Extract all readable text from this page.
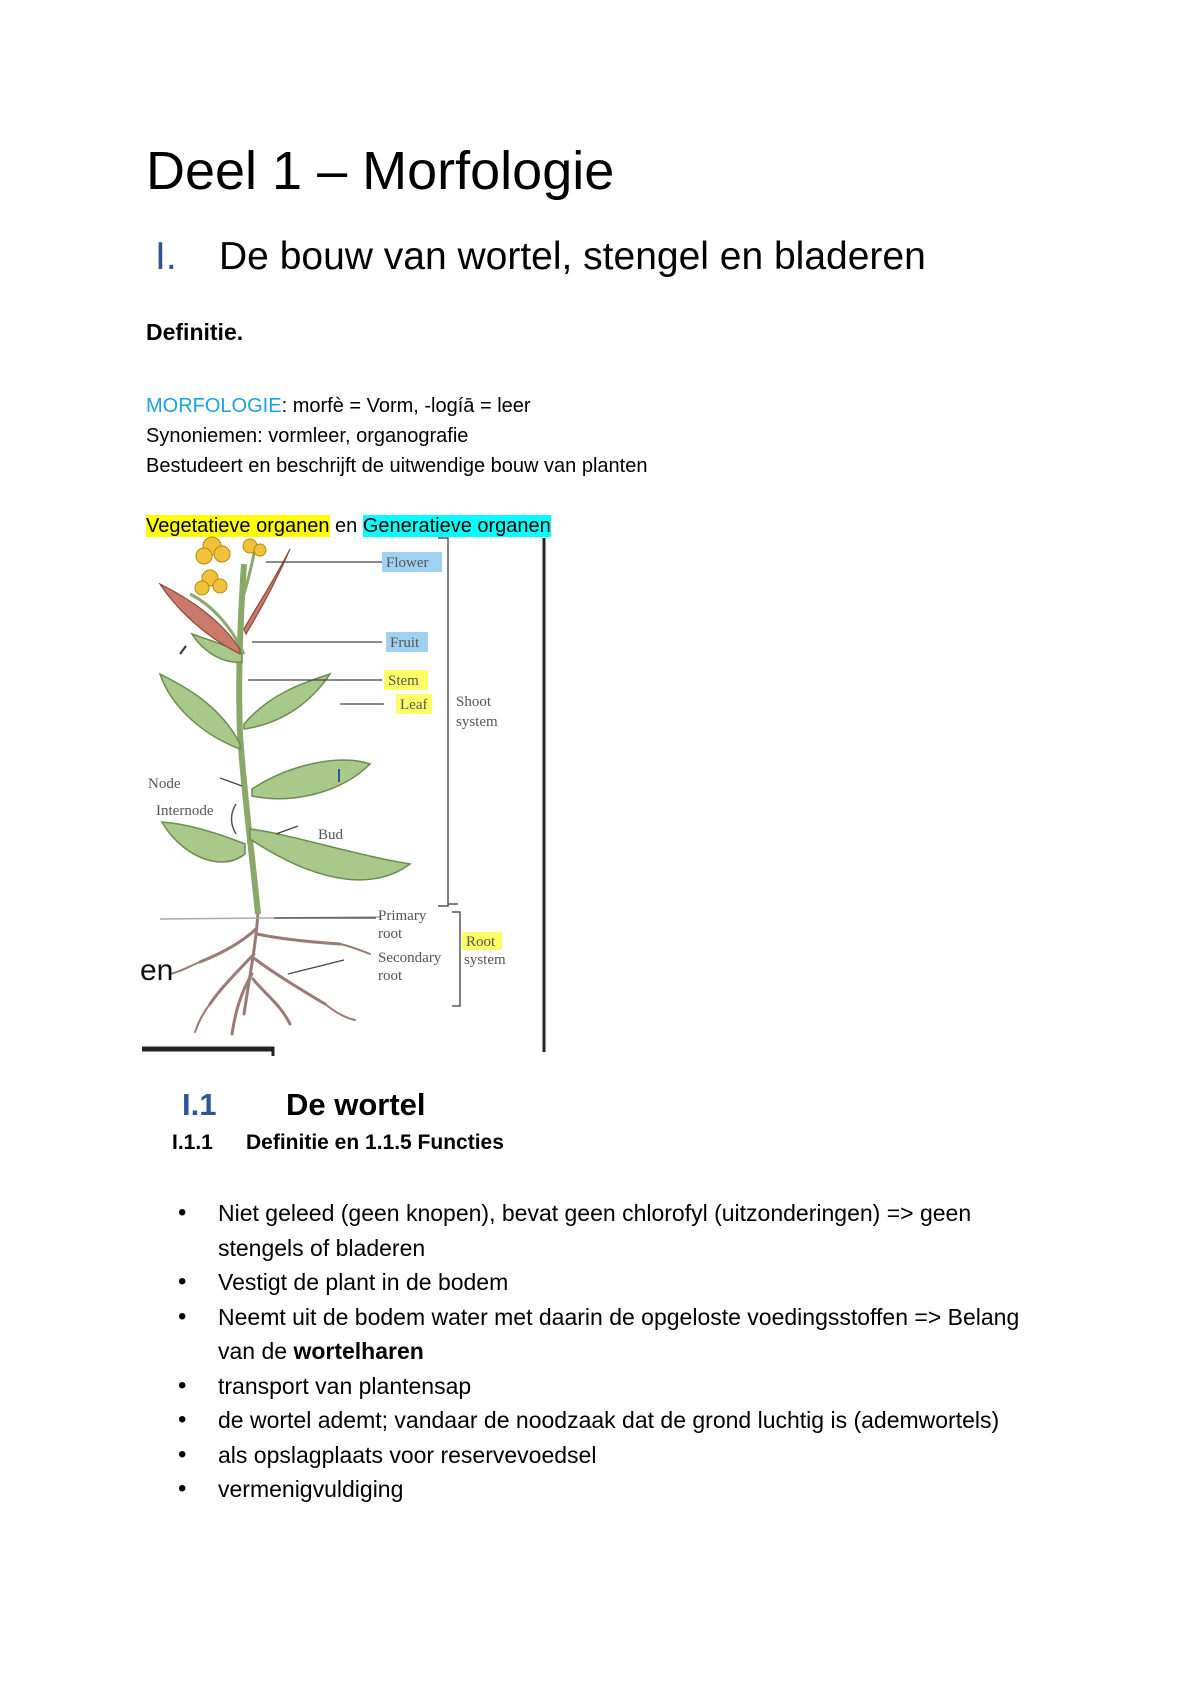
Deel 1 – Morfologie
I. De bouw van wortel, stengel en bladeren
Definitie.
MORFOLOGIE: morfè = Vorm, -logíā = leer
Synoniemen: vormleer, organografie
Bestudeert en beschrijft de uitwendige bouw van planten
Vegetatieve organen en Generatieve organen
Flower
Fruit
Stem
Leaf Shoot
system
Node
Internode
Bud
Primary
root
Secondary
root
Root
system
en
I.1 De wortel
I.1.1 Definitie en 1.1.5 Functies
• Niet geleed (geen knopen), bevat geen chlorofyl (uitzonderingen) => geen stengels of bladeren
• Vestigt de plant in de bodem
• Neemt uit de bodem water met daarin de opgeloste voedingsstoffen => Belang van de wortelharen
• transport van plantensap
• de wortel ademt; vandaar de noodzaak dat de grond luchtig is (ademwortels)
• als opslagplaats voor reservevoedsel
• vermenigvuldiging
